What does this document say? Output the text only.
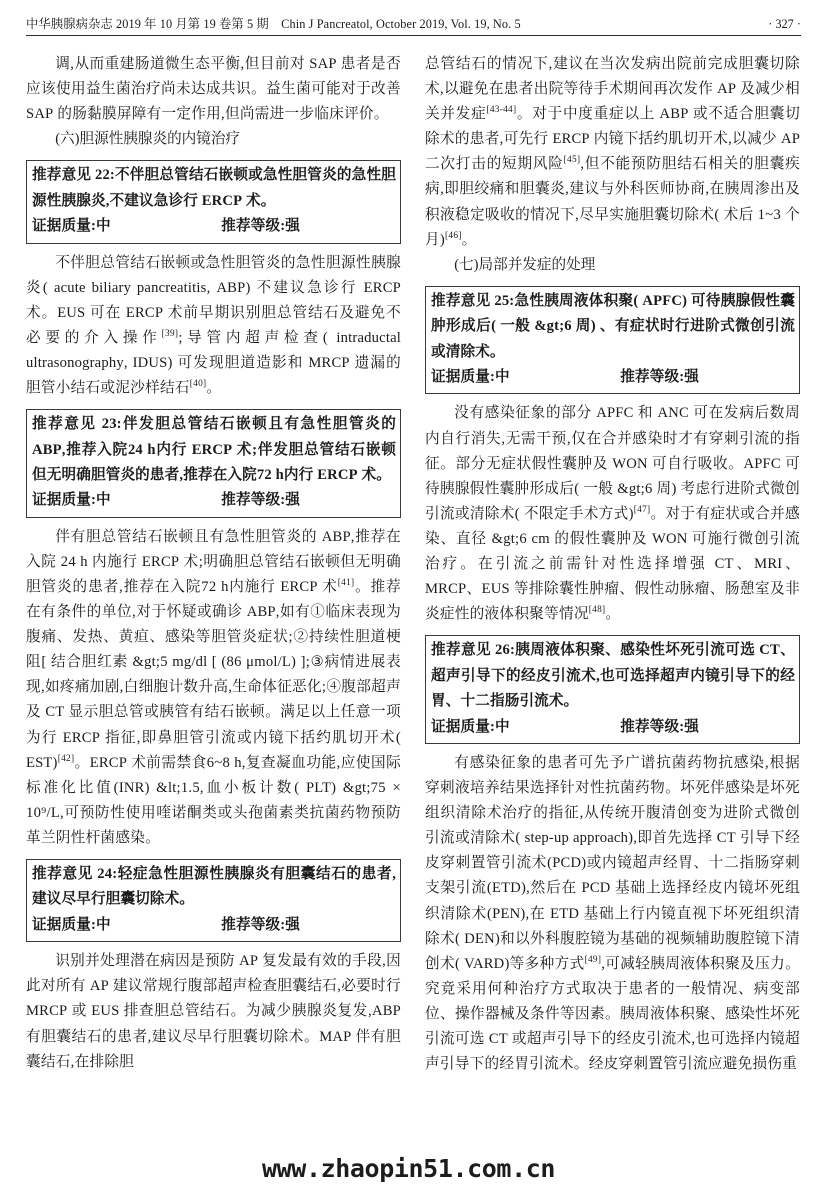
中华胰腺病杂志 2019 年 10 月第 19 卷第 5 期　Chin J Pancreatol, October 2019, Vol. 19, No. 5	· 327 ·

调,从而重建肠道微生态平衡,但目前对 SAP 患者是否应该使用益生菌治疗尚未达成共识。益生菌可能对于改善 SAP 的肠黏膜屏障有一定作用,但尚需进一步临床评价。

(六)胆源性胰腺炎的内镜治疗

推荐意见 22:不伴胆总管结石嵌顿或急性胆管炎的急性胆源性胰腺炎,不建议急诊行 ERCP 术。
证据质量:中	推荐等级:强

不伴胆总管结石嵌顿或急性胆管炎的急性胆源性胰腺炎( acute biliary pancreatitis, ABP) 不建议急诊行 ERCP 术。EUS 可在 ERCP 术前早期识别胆总管结石及避免不必要的介入操作[39];导管内超声检查( intraductal ultrasonography, IDUS) 可发现胆道造影和 MRCP 遗漏的胆管小结石或泥沙样结石[40]。

推荐意见 23:伴发胆总管结石嵌顿且有急性胆管炎的 ABP,推荐入院24 h内行 ERCP 术;伴发胆总管结石嵌顿但无明确胆管炎的患者,推荐在入院72 h内行 ERCP 术。
证据质量:中	推荐等级:强

伴有胆总管结石嵌顿且有急性胆管炎的 ABP,推荐在入院 24 h 内施行 ERCP 术;明确胆总管结石嵌顿但无明确胆管炎的患者,推荐在入院72 h内施行 ERCP 术[41]。推荐在有条件的单位,对于怀疑或确诊 ABP,如有①临床表现为腹痛、发热、黄疸、感染等胆管炎症状;②持续性胆道梗阻[ 结合胆红素 &gt;5 mg/dl [ (86 μmol/L) ];③病情进展表现,如疼痛加剧,白细胞计数升高,生命体征恶化;④腹部超声及 CT 显示胆总管或胰管有结石嵌顿。满足以上任意一项为行 ERCP 指征,即鼻胆管引流或内镜下括约肌切开术( EST)[42]。ERCP 术前需禁食6~8 h,复查凝血功能,应使国际标准化比值(INR) &lt;1.5,血小板计数( PLT) &gt;75 × 10⁹/L,可预防性使用喹诺酮类或头孢菌素类抗菌药物预防革兰阴性杆菌感染。

推荐意见 24:轻症急性胆源性胰腺炎有胆囊结石的患者,建议尽早行胆囊切除术。
证据质量:中	推荐等级:强

识别并处理潜在病因是预防 AP 复发最有效的手段,因此对所有 AP 建议常规行腹部超声检查胆囊结石,必要时行 MRCP 或 EUS 排查胆总管结石。为减少胰腺炎复发,ABP 有胆囊结石的患者,建议尽早行胆囊切除术。MAP 伴有胆囊结石,在排除胆

总管结石的情况下,建议在当次发病出院前完成胆囊切除术,以避免在患者出院等待手术期间再次发作 AP 及减少相关并发症[43-44]。对于中度重症以上 ABP 或不适合胆囊切除术的患者,可先行 ERCP 内镜下括约肌切开术,以减少 AP 二次打击的短期风险[45],但不能预防胆结石相关的胆囊疾病,即胆绞痛和胆囊炎,建议与外科医师协商,在胰周渗出及积液稳定吸收的情况下,尽早实施胆囊切除术( 术后 1~3 个月)[46]。

(七)局部并发症的处理

推荐意见 25:急性胰周液体积聚( APFC) 可待胰腺假性囊肿形成后( 一般 &gt;6 周) 、有症状时行进阶式微创引流或清除术。
证据质量:中	推荐等级:强

没有感染征象的部分 APFC 和 ANC 可在发病后数周内自行消失,无需干预,仅在合并感染时才有穿刺引流的指征。部分无症状假性囊肿及 WON 可自行吸收。APFC 可待胰腺假性囊肿形成后( 一般 &gt;6 周) 考虑行进阶式微创引流或清除术( 不限定手术方式)[47]。对于有症状或合并感染、直径 &gt;6 cm 的假性囊肿及 WON 可施行微创引流治疗。在引流之前需针对性选择增强 CT、MRI、MRCP、EUS 等排除囊性肿瘤、假性动脉瘤、肠憩室及非炎症性的液体积聚等情况[48]。

推荐意见 26:胰周液体积聚、感染性坏死引流可选 CT、超声引导下的经皮引流术,也可选择超声内镜引导下的经胃、十二指肠引流术。
证据质量:中	推荐等级:强

有感染征象的患者可先予广谱抗菌药物抗感染,根据穿刺液培养结果选择针对性抗菌药物。坏死伴感染是坏死组织清除术治疗的指征,从传统开腹清创变为进阶式微创引流或清除术( step-up approach),即首先选择 CT 引导下经皮穿刺置管引流术(PCD)或内镜超声经胃、十二指肠穿刺支架引流(ETD),然后在 PCD 基础上选择经皮内镜坏死组织清除术(PEN),在 ETD 基础上行内镜直视下坏死组织清除术( DEN)和以外科腹腔镜为基础的视频辅助腹腔镜下清创术( VARD)等多种方式[49],可减轻胰周液体积聚及压力。究竟采用何种治疗方式取决于患者的一般情况、病变部位、操作器械及条件等因素。胰周液体积聚、感染性坏死引流可选 CT 或超声引导下的经皮引流术,也可选择内镜超声引导下的经胃引流术。经皮穿刺置管引流应避免损伤重

www.zhaopin51.com.cn
